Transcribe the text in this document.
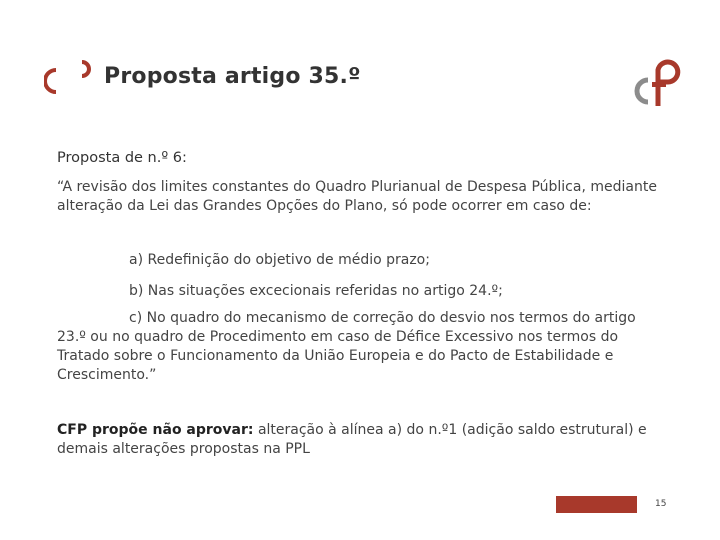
Proposta artigo 35.º
Proposta de n.º 6:
“A revisão dos limites constantes do Quadro Plurianual de Despesa Pública, mediante alteração da Lei das Grandes Opções do Plano, só pode ocorrer em caso de:
a) Redefinição do objetivo de médio prazo;
b) Nas situações excecionais referidas no artigo 24.º;
c) No quadro do mecanismo de correção do desvio nos termos do artigo 23.º ou no quadro de Procedimento em caso de Défice Excessivo nos termos do Tratado sobre o Funcionamento da União Europeia e do Pacto de Estabilidade e Crescimento.”
CFP propõe não aprovar: alteração à alínea a) do n.º1 (adição saldo estrutural) e demais alterações propostas na PPL
15
